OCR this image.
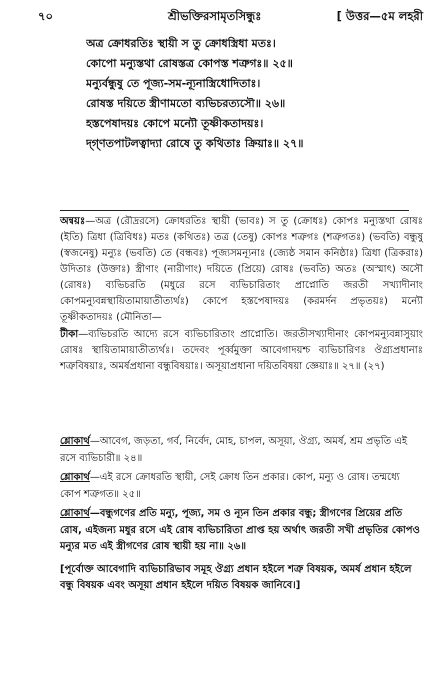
৭০	শ্রীভক্তিরসামৃতসিন্ধুঃ	[ উত্তর—৫ম লহরী
অত্র ক্রোধরতিঃ স্থায়ী স তু ক্রোধস্ত্রিধা মতঃ।
কোপো মন্যুস্তথা রোষস্তত্র কোপস্ত শত্রুগঃ॥ ২৫॥
মন্যুর্বন্ধুষু তে পূজ্য-সম-ন্যূনাস্ত্রিধোদিতাঃ।
রোষস্ত দয়িতে স্ত্রীণামতো ব্যভিচরত্যসৌ॥ ২৬॥
হস্তপেষাদয়ঃ কোপে মন্যৌ তূষ্ণীকতাদয়ঃ।
দ্গ্ণতপাটলত্বাদ্যা রোষে তু কথিতাঃ ক্রিয়াঃ॥ ২৭॥

অন্বয়ঃ—অত্র (রৌদ্ররসে) ক্রোধরতিঃ স্থায়ী (ভাবঃ) স তু (ক্রোধঃ) কোপঃ মন্যুস্তথা রোষঃ (ইতি) ত্রিধা (ত্রিবিধঃ) মতঃ (কথিতঃ) তত্র (তেষু) কোপঃ শত্রুগঃ (শত্রুগতঃ) (ভবতি) বন্ধুষু (স্বজনেষু) মন্যুঃ (ভবতি) তে (বন্ধবঃ) পূজ্যসমন্যূনাঃ (জ্যেষ্ঠ সমান কনিষ্ঠাঃ) ত্রিধা (ত্রিকরাঃ) উদিতাঃ (উক্তাঃ) স্ত্রীণাং (নারীণাং) দয়িতে (প্রিয়ে) রোষঃ (ভবতি) অতঃ (অস্মাৎ) অসৌ (রোষঃ) ব্যভিচরতি (মধুরে রসে ব্যভিচারিতাং প্রাপ্নোতি জরতী সখ্যাদীনাং কোপমন্যুবন্নস্থায়িতামায়াতীত্যর্থঃ) কোপে হস্তপেষাদয়ঃ (করমর্দন প্রভৃতয়ঃ) মন্যৌ তূষ্ণীকতাদয়ঃ (মৌনিতা—

টীকা—ব্যভিচরতি আদ্যে রসে ব্যভিচারিতাং প্রাপ্নোতি। জরতীসখ্যাদীনাং কোপমন্যুবন্নাসুয়াং রোষঃ স্থায়িতামায়াতীত্যর্থঃ। তদেবং পূর্ব্বমুক্তা আবেগাদয়শ্চ ব্যভিচারিণঃ ঔগ্র্যপ্রধানাঃ শত্রুবিষয়াঃ, অমর্ষপ্রধানা বন্ধুবিষয়াঃ। অসূয়াপ্রধানা দয়িতবিষয়া জ্ঞেয়াঃ॥ ২৭॥ (২৭)

শ্লোকার্থ—আবেগ, জড়তা, গর্ব, নির্বেদ, মোহ, চাপল, অসূয়া, ঔগ্র্য, অমর্ষ, শ্রম প্রভৃতি এই রসে ব্যভিচারী॥ ২৪॥

শ্লোকার্থ—এই রসে ক্রোধরতি স্থায়ী, সেই ক্রোধ তিন প্রকার। কোপ, মন্যু ও রোষ। তন্মধ্যে কোপ শত্রুগত॥ ২৫॥

শ্লোকার্থ—বন্ধুগণের প্রতি মন্যু, পূজ্য, সম ও ন্যূন তিন প্রকার বন্ধু; স্ত্রীগণের প্রিয়ের প্রতি রোষ, এইজন্য মধুর রসে এই রোষ ব্যভিচারিতা প্রাপ্ত হয় অর্থাৎ জরতী সখী প্রভৃতির কোপও মন্যুর মত এই স্ত্রীগণের রোষ স্থায়ী হয় না॥ ২৬॥

[পূর্বোক্ত আবেগাদি ব্যভিচারিভাব সমূহ ঔগ্র্য প্রধান হইলে শত্রু বিষয়ক, অমর্ষ প্রধান হইলে বন্ধু বিষয়ক এবং অসূয়া প্রধান হইলে দয়িত বিষয়ক জানিবে।]
